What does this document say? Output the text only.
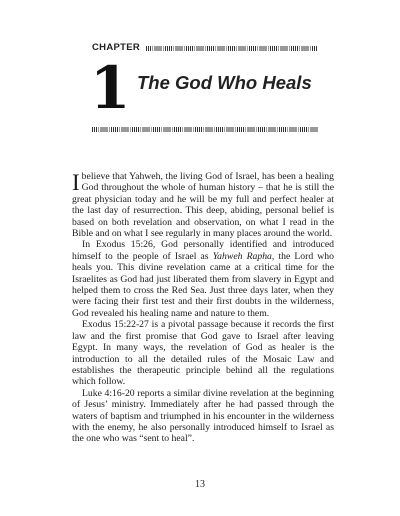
CHAPTER
1 The God Who Heals

Ibelieve that Yahweh, the living God of Israel, has been a healing God throughout the whole of human history – that he is still the great physician today and he will be my full and perfect healer at the last day of resurrection. This deep, abiding, personal belief is based on both revelation and observation, on what I read in the Bible and on what I see regularly in many places around the world.

In Exodus 15:26, God personally identified and introduced himself to the people of Israel as Yahweh Rapha, the Lord who heals you. This divine revelation came at a critical time for the Israelites as God had just liberated them from slavery in Egypt and helped them to cross the Red Sea. Just three days later, when they were facing their first test and their first doubts in the wilderness, God revealed his healing name and nature to them.

Exodus 15:22-27 is a pivotal passage because it records the first law and the first promise that God gave to Israel after leaving Egypt. In many ways, the revelation of God as healer is the introduction to all the detailed rules of the Mosaic Law and establishes the therapeutic principle behind all the regulations which follow.

Luke 4:16-20 reports a similar divine revelation at the beginning of Jesus’ ministry. Immediately after he had passed through the waters of baptism and triumphed in his encounter in the wilderness with the enemy, he also personally introduced himself to Israel as the one who was “sent to heal”.

13
